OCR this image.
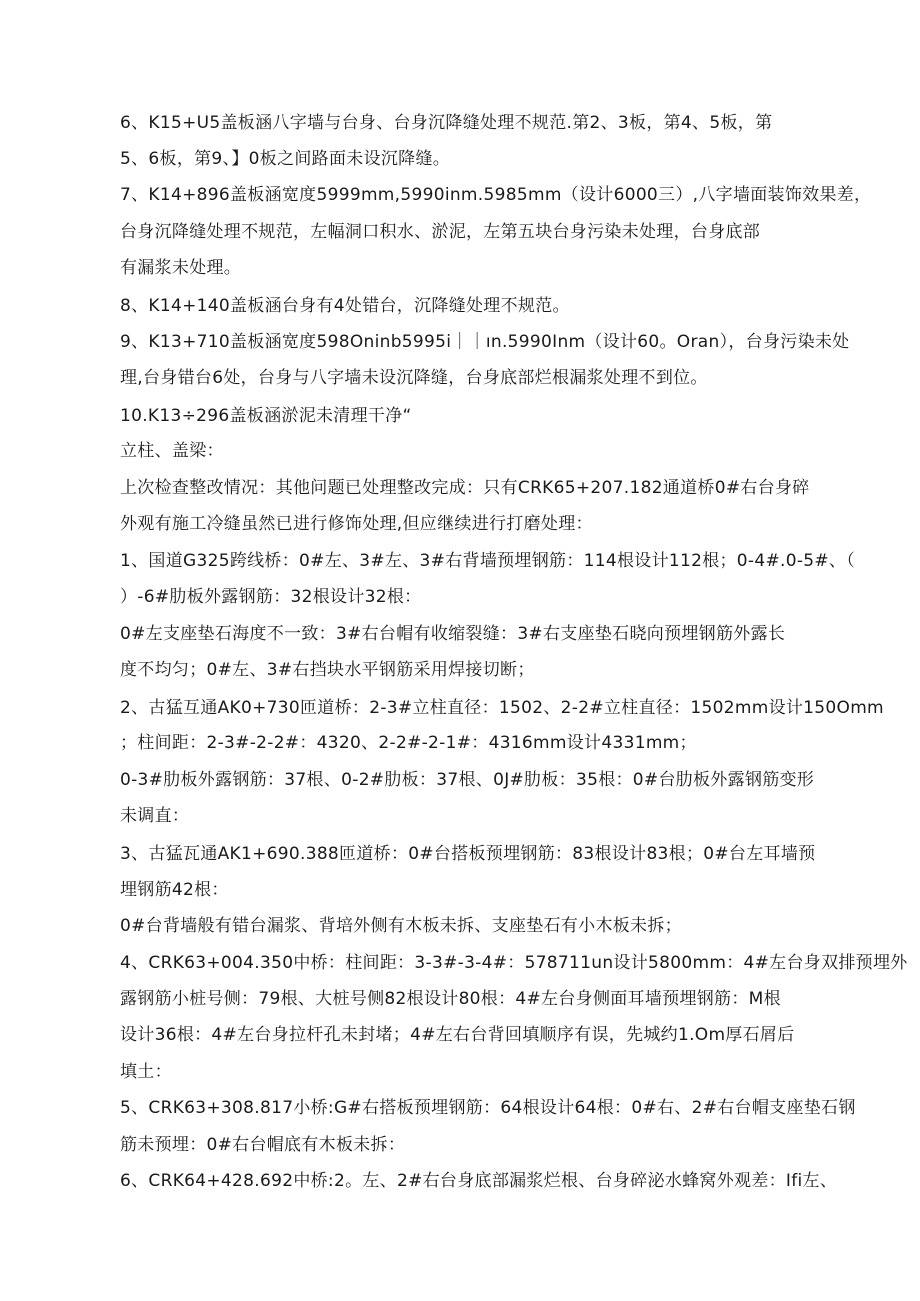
6、K15+U5盖板涵八字墙与台身、台身沉降缝处理不规范.第2、3板，第4、5板，第
5、6板，第9、】0板之间路面未设沉降缝。
7、K14+896盖板涵宽度5999mm,5990inm.5985mm（设计6000三）,八字墙面装饰效果差，
台身沉降缝处理不规范，左幅洞口积水、淤泥，左第五块台身污染未处理，台身底部
有漏浆未处理。
8、K14+140盖板涵台身有4处错台，沉降缝处理不规范。
9、K13+710盖板涵宽度598Oninb5995i｜｜ın.5990Inm（设计60。Oran），台身污染未处
理,台身错台6处，台身与八字墙未设沉降缝，台身底部烂根漏浆处理不到位。
10.K13÷296盖板涵淤泥未清理干净“
立柱、盖梁：
上次检查整改情况：其他问题已处理整改完成：只有CRK65+207.182通道桥0#右台身碎
外观有施工冷缝虽然已进行修饰处理,但应继续进行打磨处理：
1、国道G325跨线桥：0#左、3#左、3#右背墙预埋钢筋：114根设计112根；0-4#.0-5#、（
）-6#肋板外露钢筋：32根设计32根：
0#左支座垫石海度不一致：3#右台帽有收缩裂缝：3#右支座垫石晓向预埋钢筋外露长
度不均匀；0#左、3#右挡块水平钢筋采用焊接切断；
2、古猛互通AK0+730匝道桥：2-3#立柱直径：1502、2-2#立柱直径：1502mm设计150Omm
；柱间距：2-3#-2-2#：4320、2-2#-2-1#：4316mm设计4331mm；
0-3#肋板外露钢筋：37根、0-2#肋板：37根、0J#肋板：35根：0#台肋板外露钢筋变形
未调直：
3、古猛瓦通AK1+690.388匝道桥：0#台搭板预埋钢筋：83根设计83根；0#台左耳墙预
埋钢筋42根：
0#台背墙般有错台漏浆、背培外侧有木板未拆、支座垫石有小木板未拆；
4、CRK63+004.350中桥：柱间距：3-3#-3-4#：578711un设计5800mm：4#左台身双排预埋外
露钢筋小桩号侧：79根、大桩号侧82根设计80根：4#左台身侧面耳墙预埋钢筋：M根
设计36根：4#左台身拉杆孔未封堵；4#左右台背回填顺序有误，先城约1.Om厚石屑后
填土：
5、CRK63+308.817小桥:G#右搭板预埋钢筋：64根设计64根：0#右、2#右台帽支座垫石钢
筋未预埋：0#右台帽底有木板未拆：
6、CRK64+428.692中桥:2。左、2#右台身底部漏浆烂根、台身碎泌水蜂窝外观差：Ifi左、
